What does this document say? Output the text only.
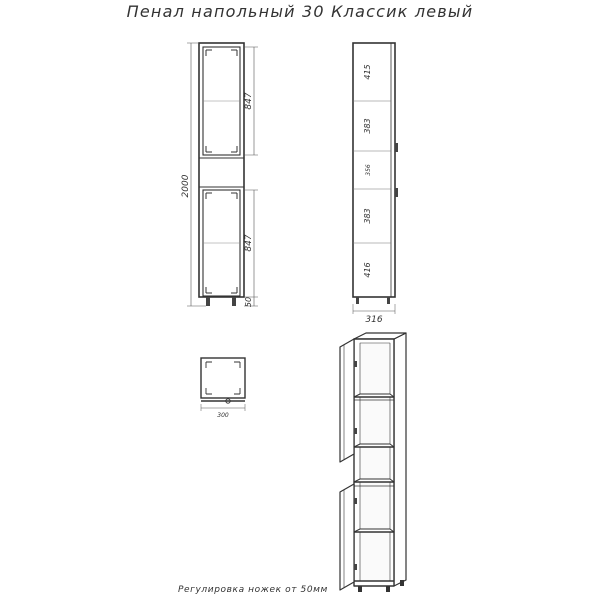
Пенал напольный 30 Классик левый
2000
847
847
50
415
383
356
383
416
316
300
Регулировка ножек от 50мм
